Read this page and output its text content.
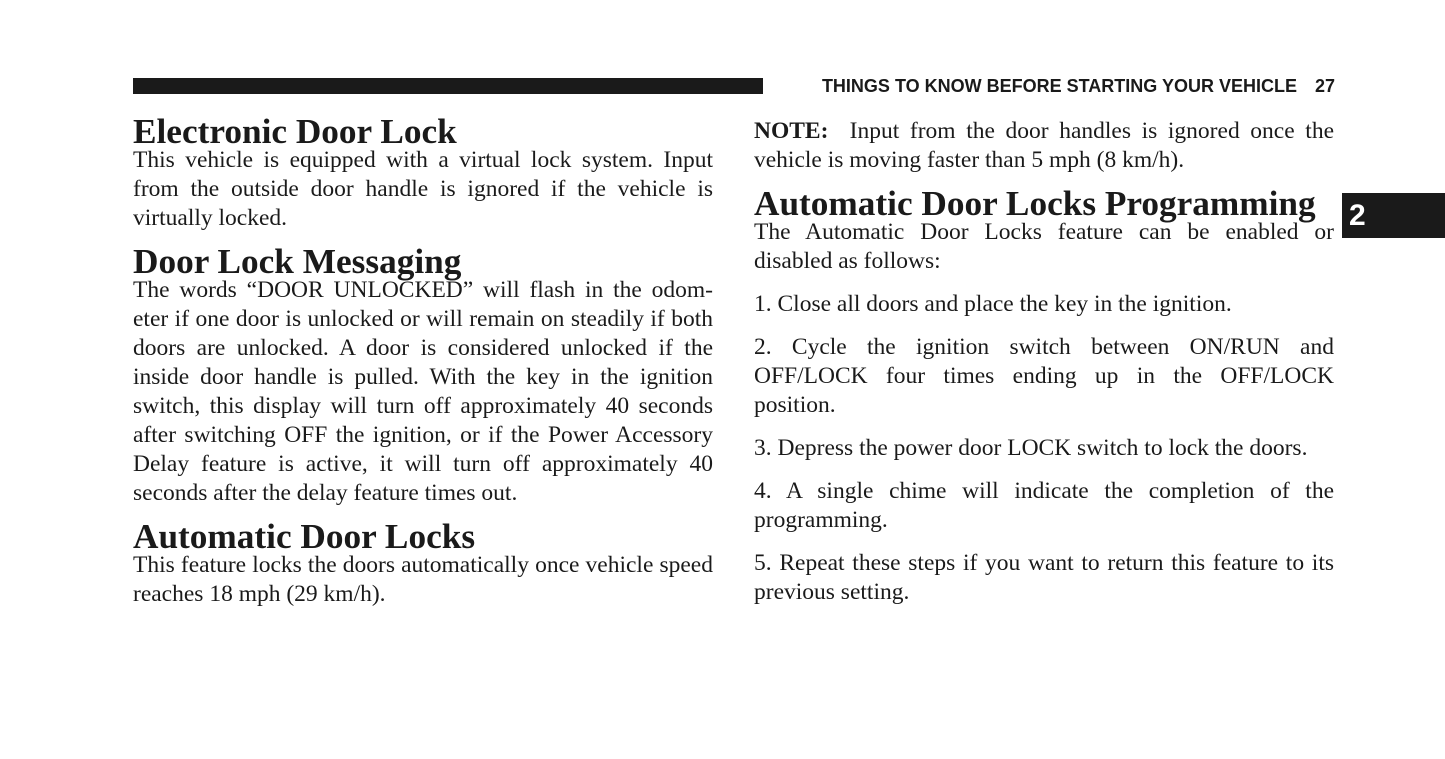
THINGS TO KNOW BEFORE STARTING YOUR VEHICLE 27
2
Electronic Door Lock

This vehicle is equipped with a virtual lock system. Input from the outside door handle is ignored if the vehicle is virtually locked.

Door Lock Messaging

The words “DOOR UNLOCKED” will flash in the odom-eter if one door is unlocked or will remain on steadily if both doors are unlocked. A door is considered unlocked if the inside door handle is pulled. With the key in the ignition switch, this display will turn off approximately 40 seconds after switching OFF the ignition, or if the Power Accessory Delay feature is active, it will turn off approximately 40 seconds after the delay feature times out.

Automatic Door Locks

This feature locks the doors automatically once vehicle speed reaches 18 mph (29 km/h).

NOTE: Input from the door handles is ignored once the vehicle is moving faster than 5 mph (8 km/h).

Automatic Door Locks Programming

The Automatic Door Locks feature can be enabled or disabled as follows:

1. Close all doors and place the key in the ignition.

2. Cycle the ignition switch between ON/RUN and OFF/LOCK four times ending up in the OFF/LOCK position.

3. Depress the power door LOCK switch to lock the doors.

4. A single chime will indicate the completion of the programming.

5. Repeat these steps if you want to return this feature to its previous setting.
